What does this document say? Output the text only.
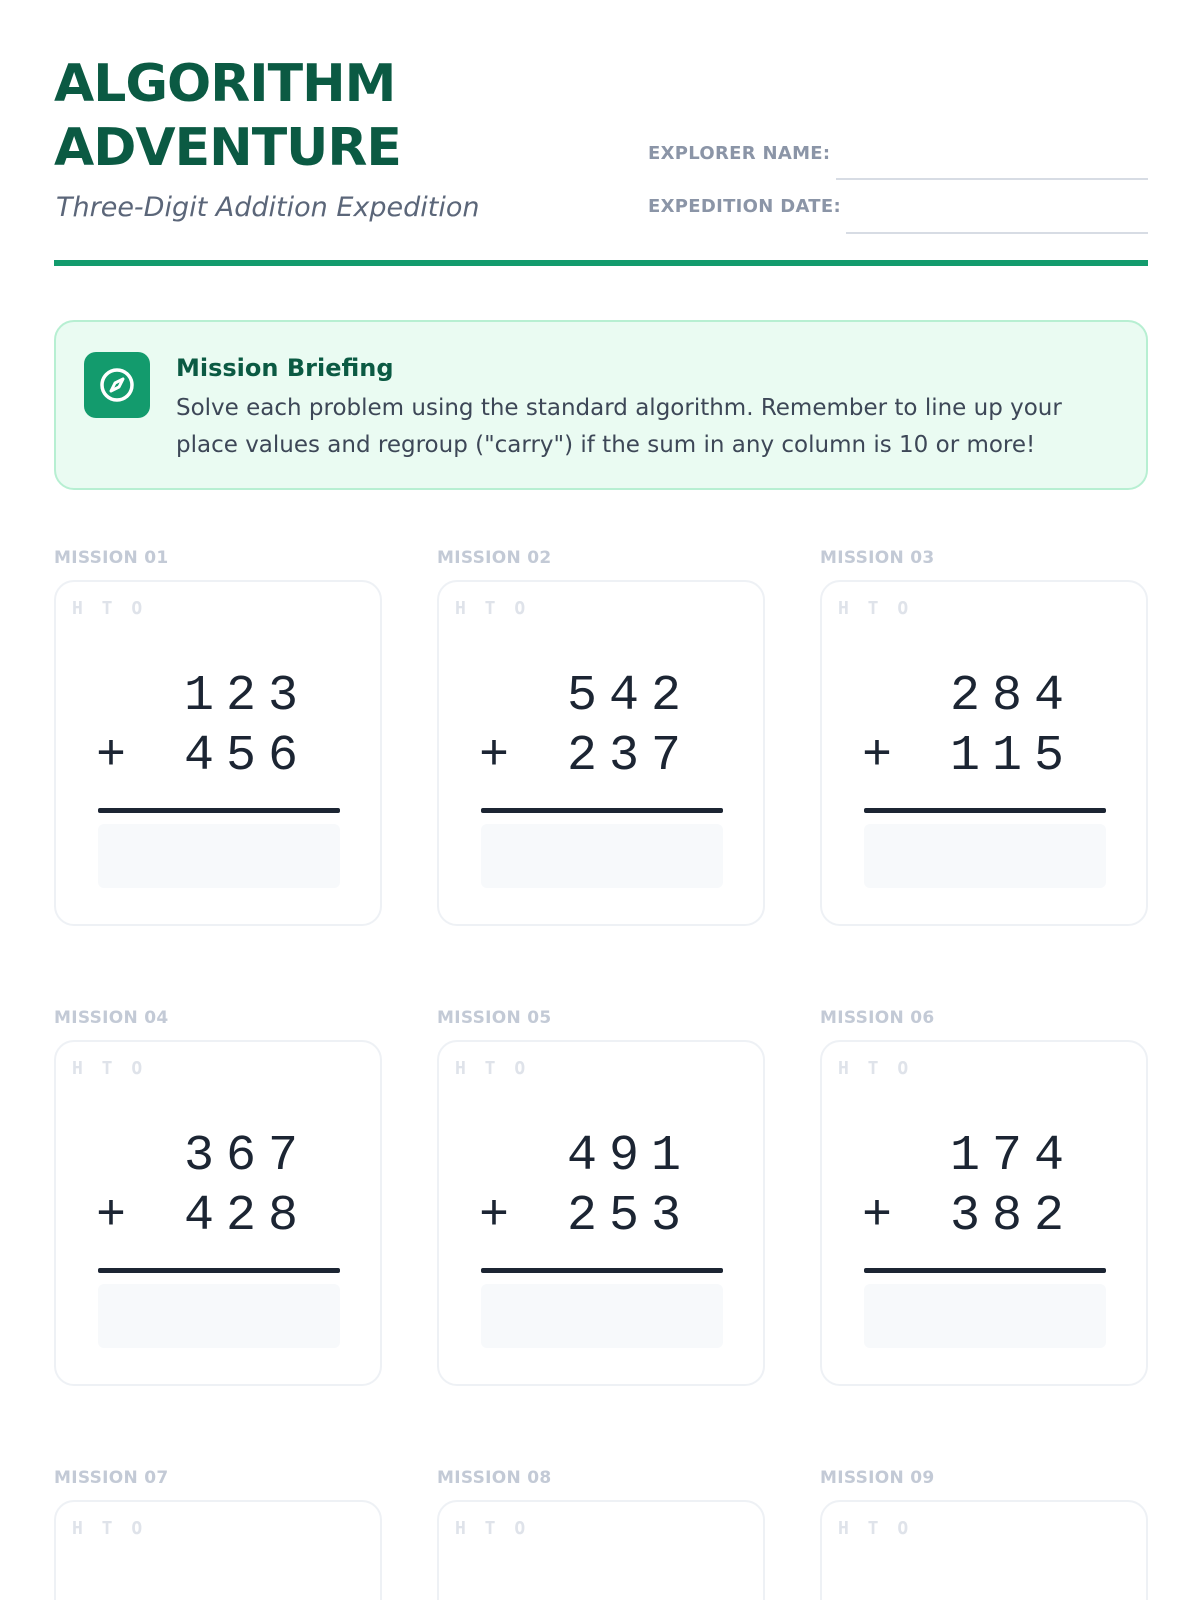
ALGORITHM
ADVENTURE
Three-Digit Addition Expedition
EXPLORER NAME:
EXPEDITION DATE:
Mission Briefing
Solve each problem using the standard algorithm. Remember to line up your place values and regroup ("carry") if the sum in any column is 10 or more!
MISSION 01
H T O
123
+ 456
MISSION 02
H T O
542
+ 237
MISSION 03
H T O
284
+ 115
MISSION 04
H T O
367
+ 428
MISSION 05
H T O
491
+ 253
MISSION 06
H T O
174
+ 382
MISSION 07
H T O
MISSION 08
H T O
MISSION 09
H T O
